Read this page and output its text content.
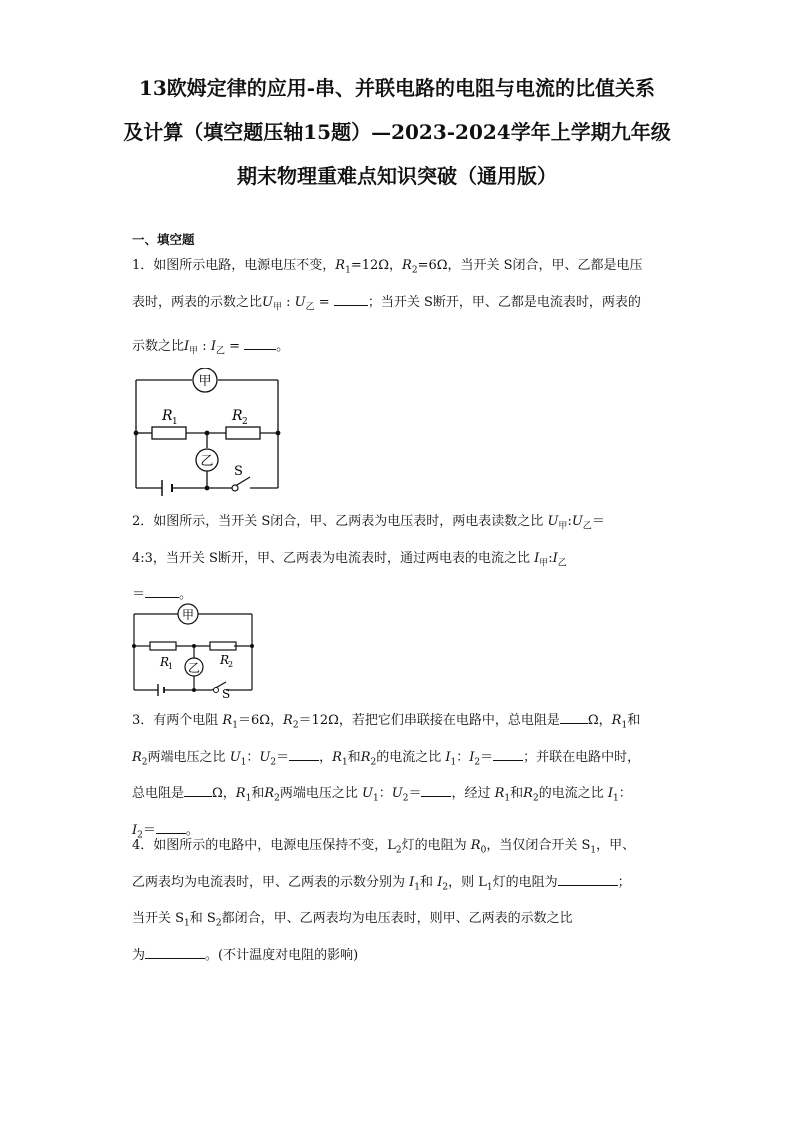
13欧姆定律的应用-串、并联电路的电阻与电流的比值关系
及计算（填空题压轴15题）—2023-2024学年上学期九年级
期末物理重难点知识突破（通用版）
一、填空题
1．如图所示电路，电源电压不变，$R_1=12\Omega$，$R_2=6\Omega$，当开关 S闭合，甲、乙都是电压
表时，两表的示数之比$U_甲$ : $U_乙$ =	；当开关 S断开，甲、乙都是电流表时，两表的
示数之比$I_甲$ : $I_乙$ = 。
甲
乙
R 1	R 2
S
2．如图所示，当开关 S闭合，甲、乙两表为电压表时，两电表读数之比 $U_甲:U_乙=$
4:3，当开关 S断开，甲、乙两表为电流表时，通过两电表的电流之比 $I_甲:I_乙$
＝	。
甲
乙
R
1	R
2
S
3．有两个电阻 $R_1=6\Omega$，$R_2=12\Omega$，若把它们串联接在电路中，总电阻是 Ω，$R_1$和
$R_2$两端电压之比 $U_1$：$U_2=$ ，$R_1$和$R_2$的电流之比 $I_1$：$I_2=$ ；并联在电路中时，
总电阻是 Ω，$R_1$和$R_2$两端电压之比 $U_1$：$U_2=$ ，经过 $R_1$和$R_2$的电流之比 $I_1$：
$I_2=$ 。
4．如图所示的电路中，电源电压保持不变，$L_2$灯的电阻为 $R_0$，当仅闭合开关 $S_1$，甲、
乙两表均为电流表时，甲、乙两表的示数分别为 $I_1$和 $I_2$，则 $L_1$灯的电阻为	；
当开关 $S_1$和 $S_2$都闭合，甲、乙两表均为电压表时，则甲、乙两表的示数之比
为	。(不计温度对电阻的影响)
